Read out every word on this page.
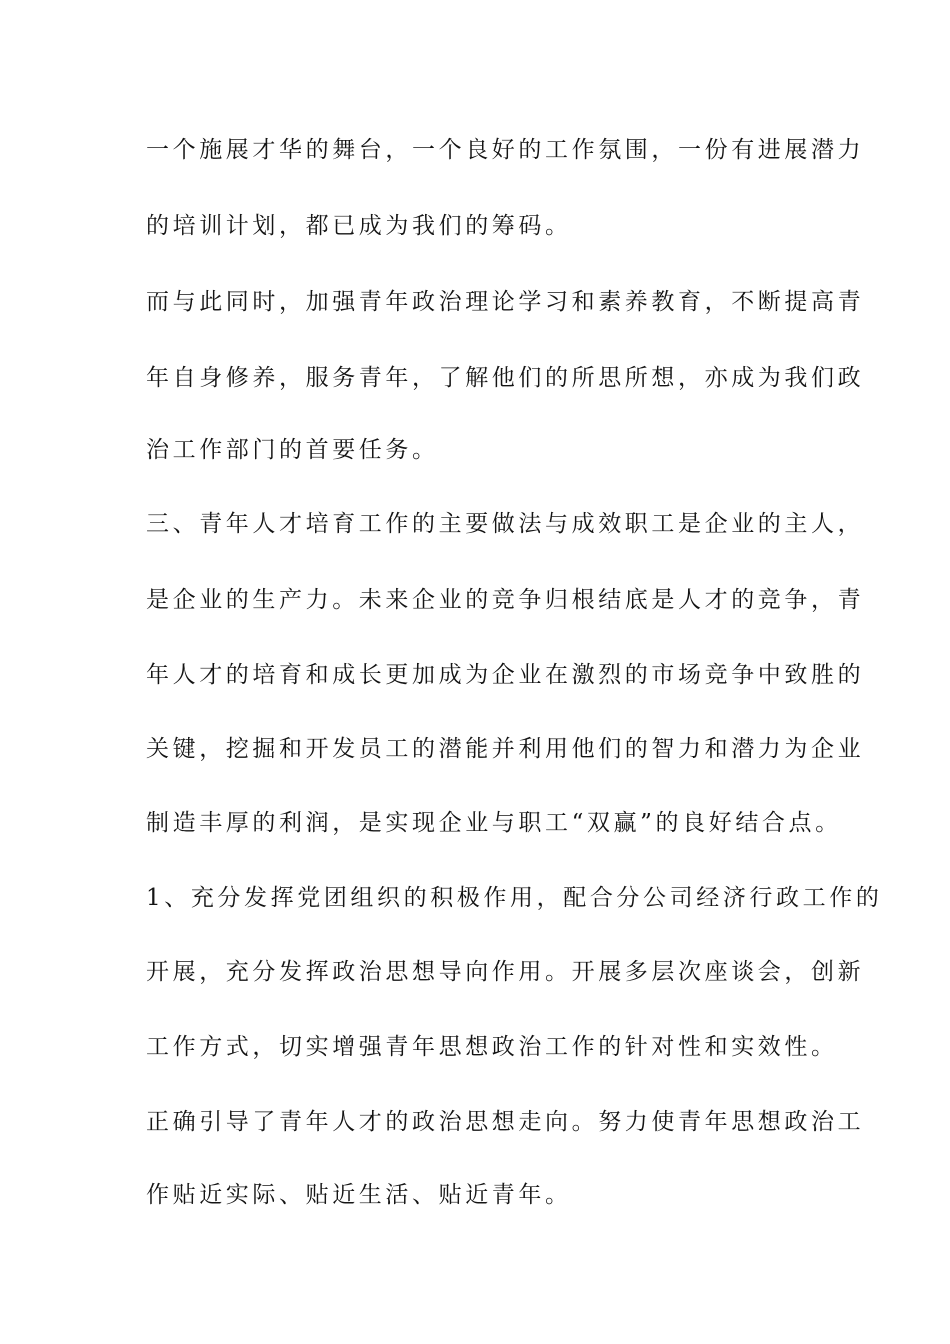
一个施展才华的舞台，一个良好的工作氛围，一份有进展潜力
的培训计划，都已成为我们的筹码。
而与此同时，加强青年政治理论学习和素养教育，不断提高青
年自身修养，服务青年，了解他们的所思所想，亦成为我们政
治工作部门的首要任务。
三、青年人才培育工作的主要做法与成效职工是企业的主人，
是企业的生产力。未来企业的竞争归根结底是人才的竞争，青
年人才的培育和成长更加成为企业在激烈的市场竞争中致胜的
关键，挖掘和开发员工的潜能并利用他们的智力和潜力为企业
制造丰厚的利润，是实现企业与职工“双赢”的良好结合点。
1、充分发挥党团组织的积极作用，配合分公司经济行政工作的
开展，充分发挥政治思想导向作用。开展多层次座谈会，创新
工作方式，切实增强青年思想政治工作的针对性和实效性。
正确引导了青年人才的政治思想走向。努力使青年思想政治工
作贴近实际、贴近生活、贴近青年。
